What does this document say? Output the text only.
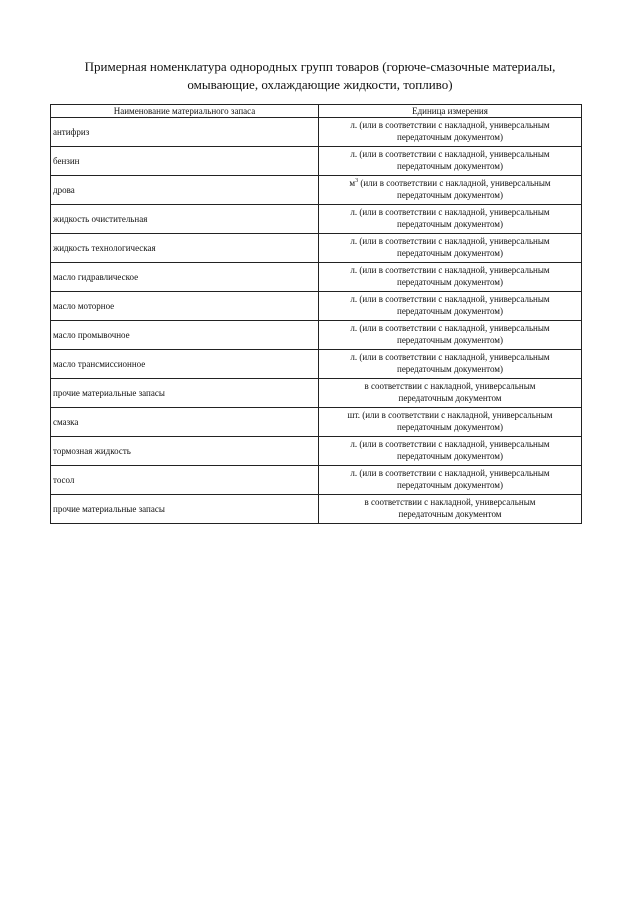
Примерная номенклатура однородных групп товаров (горюче-смазочные материалы,
омывающие, охлаждающие жидкости, топливо)
Наименование материального запаса	Единица измерения
антифриз	л. (или в соответствии с накладной, универсальным
передаточным документом)

бензин	л. (или в соответствии с накладной, универсальным
передаточным документом)

дрова	$м^3$ (или в соответствии с накладной, универсальным
передаточным документом)

жидкость очистительная	л. (или в соответствии с накладной, универсальным
передаточным документом)

жидкость технологическая	л. (или в соответствии с накладной, универсальным
передаточным документом)

масло гидравлическое	л. (или в соответствии с накладной, универсальным
передаточным документом)

масло моторное	л. (или в соответствии с накладной, универсальным
передаточным документом)

масло промывочное	л. (или в соответствии с накладной, универсальным
передаточным документом)

масло трансмиссионное	л. (или в соответствии с накладной, универсальным
передаточным документом)

прочие материальные запасы	в соответствии с накладной, универсальным
передаточным документом

смазка	шт. (или в соответствии с накладной, универсальным
передаточным документом)

тормозная жидкость	л. (или в соответствии с накладной, универсальным
передаточным документом)

тосол	л. (или в соответствии с накладной, универсальным
передаточным документом)

прочие материальные запасы	в соответствии с накладной, универсальным
передаточным документом
